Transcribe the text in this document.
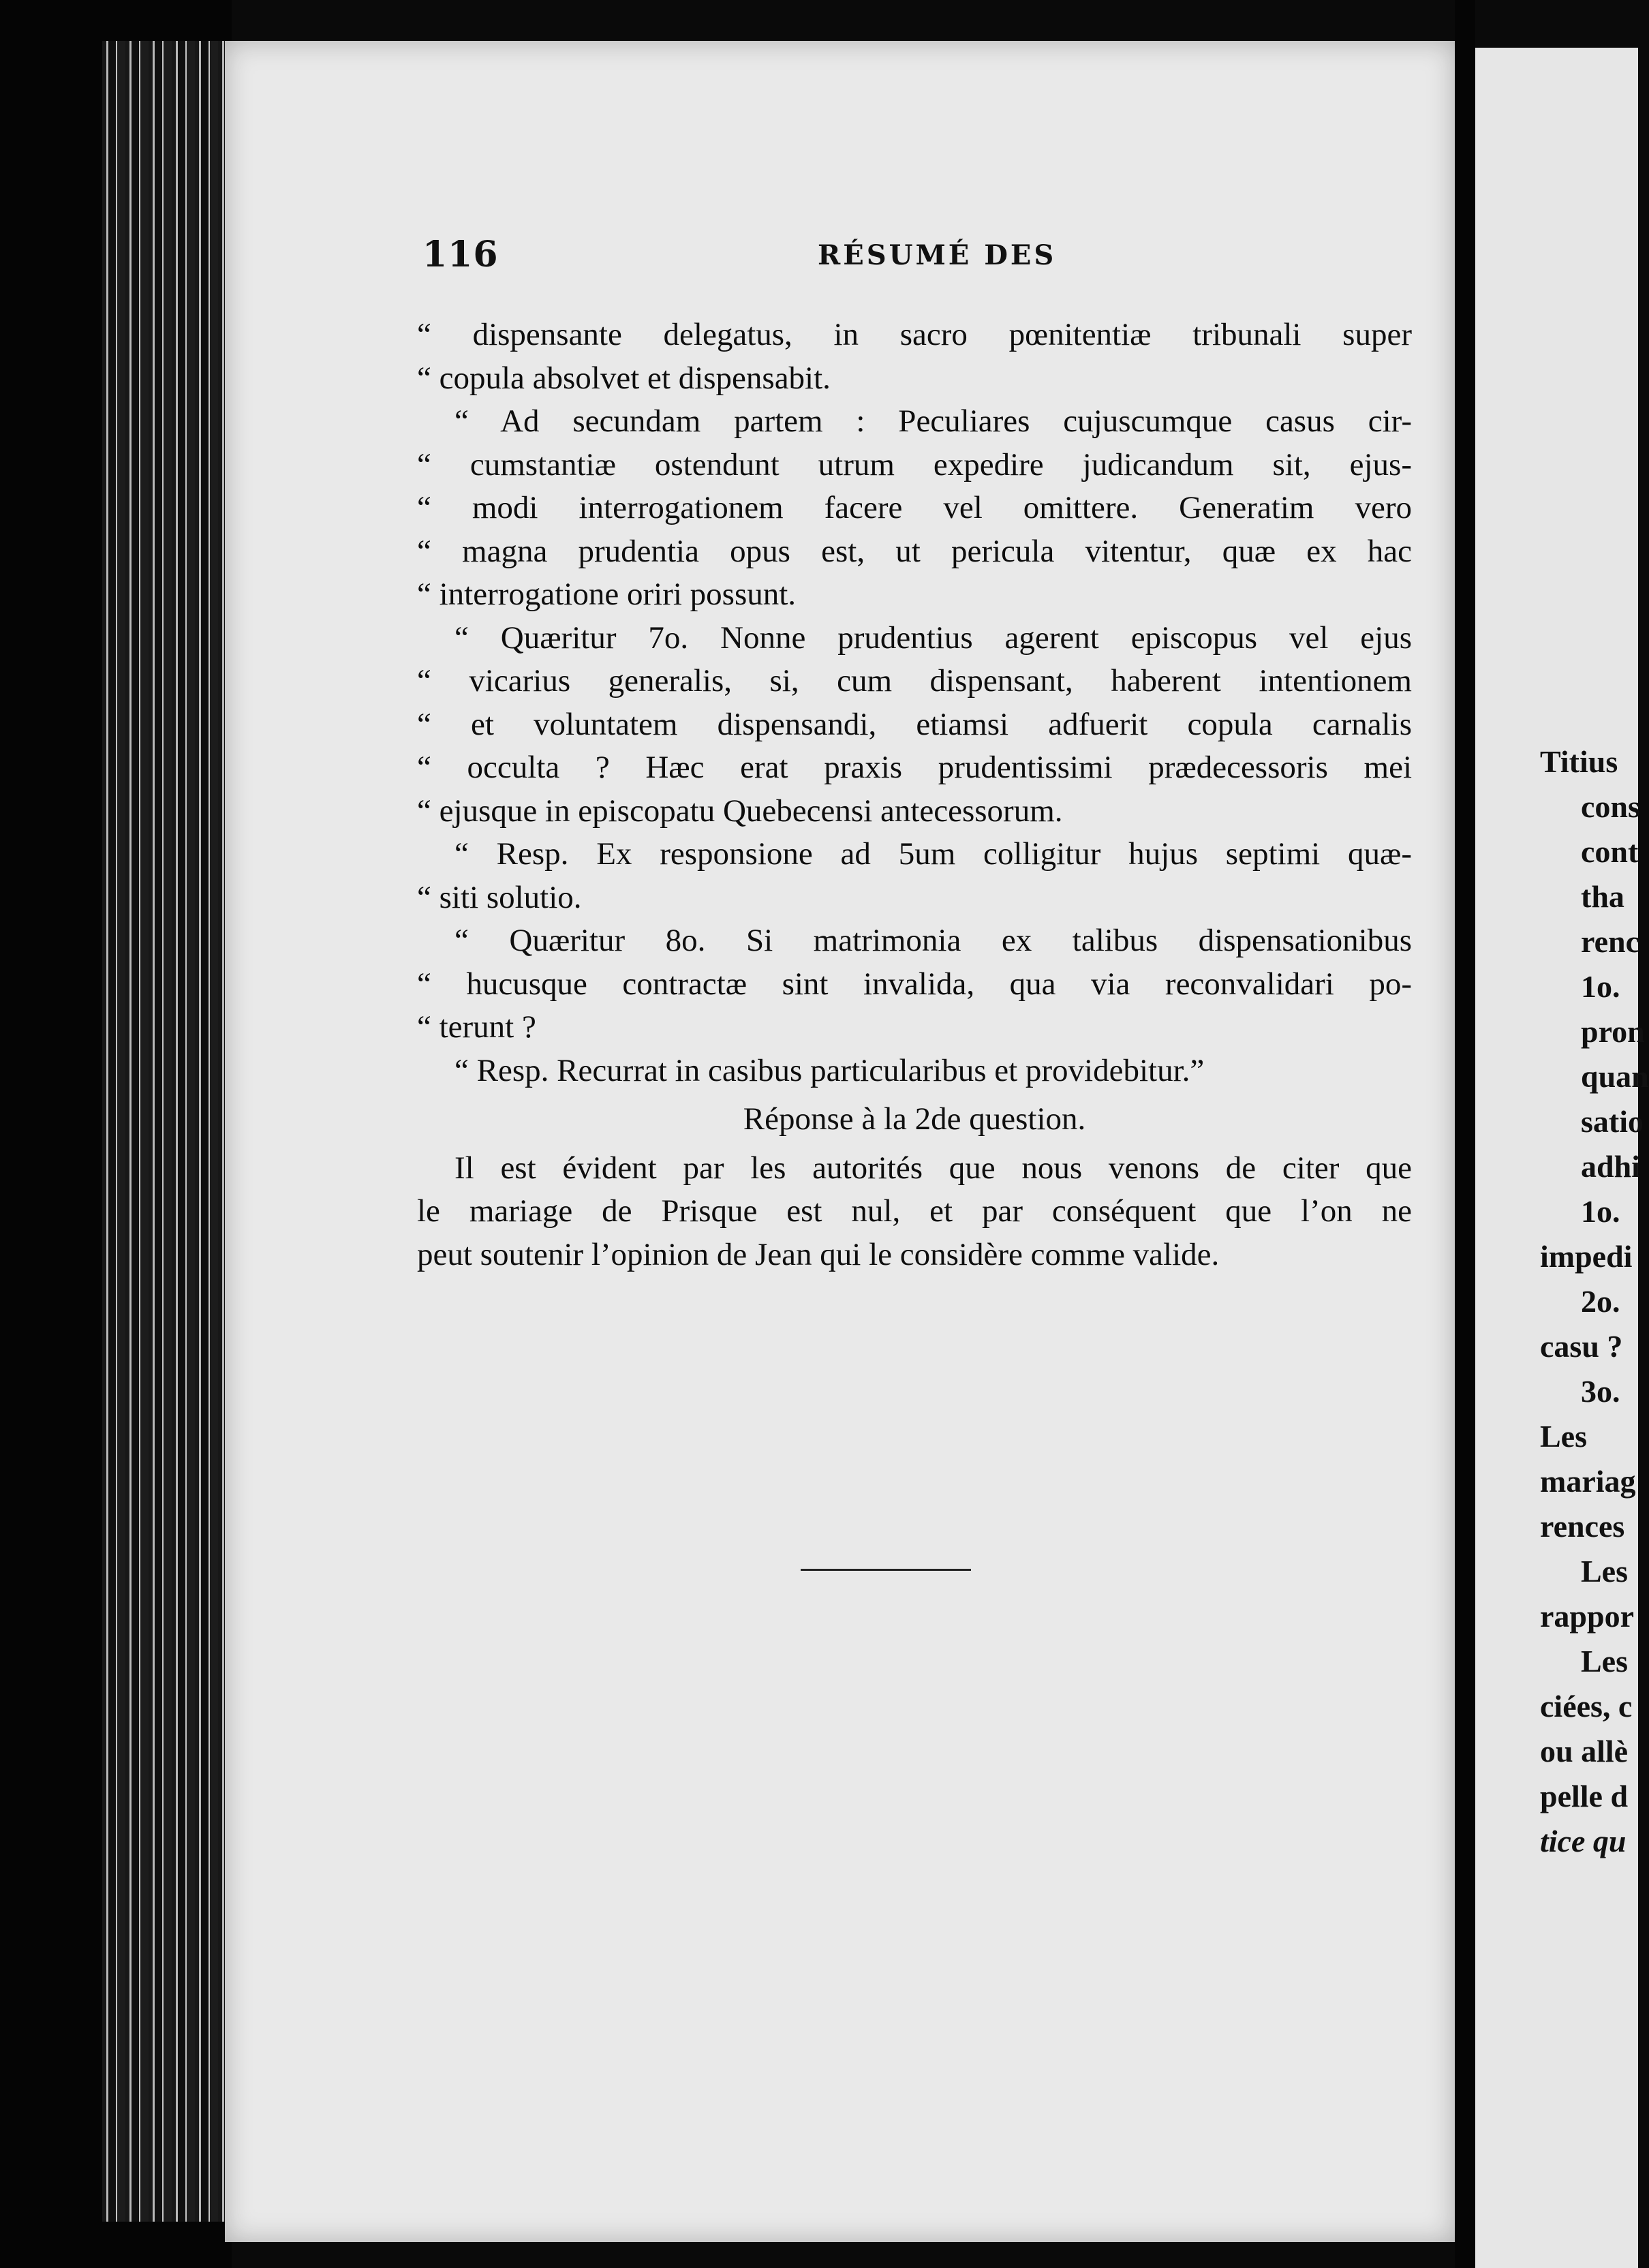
116	RÉSUMÉ DES
“ dispensante delegatus, in sacro pœnitentiæ tribunali super
“ copula absolvet et dispensabit.
“ Ad secundam partem : Peculiares cujuscumque casus cir-
“ cumstantiæ ostendunt utrum expedire judicandum sit, ejus-
“ modi interrogationem facere vel omittere. Generatim vero
“ magna prudentia opus est, ut pericula vitentur, quæ ex hac
“ interrogatione oriri possunt.
“ Quæritur 7o. Nonne prudentius agerent episcopus vel ejus
“ vicarius generalis, si, cum dispensant, haberent intentionem
“ et voluntatem dispensandi, etiamsi adfuerit copula carnalis
“ occulta ? Hæc erat praxis prudentissimi prædecessoris mei
“ ejusque in episcopatu Quebecensi antecessorum.
“ Resp. Ex responsione ad 5um colligitur hujus septimi quæ-
“ siti solutio.
“ Quæritur 8o. Si matrimonia ex talibus dispensationibus
“ hucusque contractæ sint invalida, qua via reconvalidari po-
“ terunt ?
“ Resp. Recurrat in casibus particularibus et providebitur.”
Réponse à la 2de question.
Il est évident par les autorités que nous venons de citer que
le mariage de Prisque est nul, et par conséquent que l’on ne
peut soutenir l’opinion de Jean qui le considère comme valide.
Titius
cons
cont
tha
renc
1o.
pron
quan
satio
adhi
1o.
impedi
2o.
casu ?
3o.
Les
mariag
rences
Les
rappor
Les
ciées, c
ou allè
pelle d
tice qu
